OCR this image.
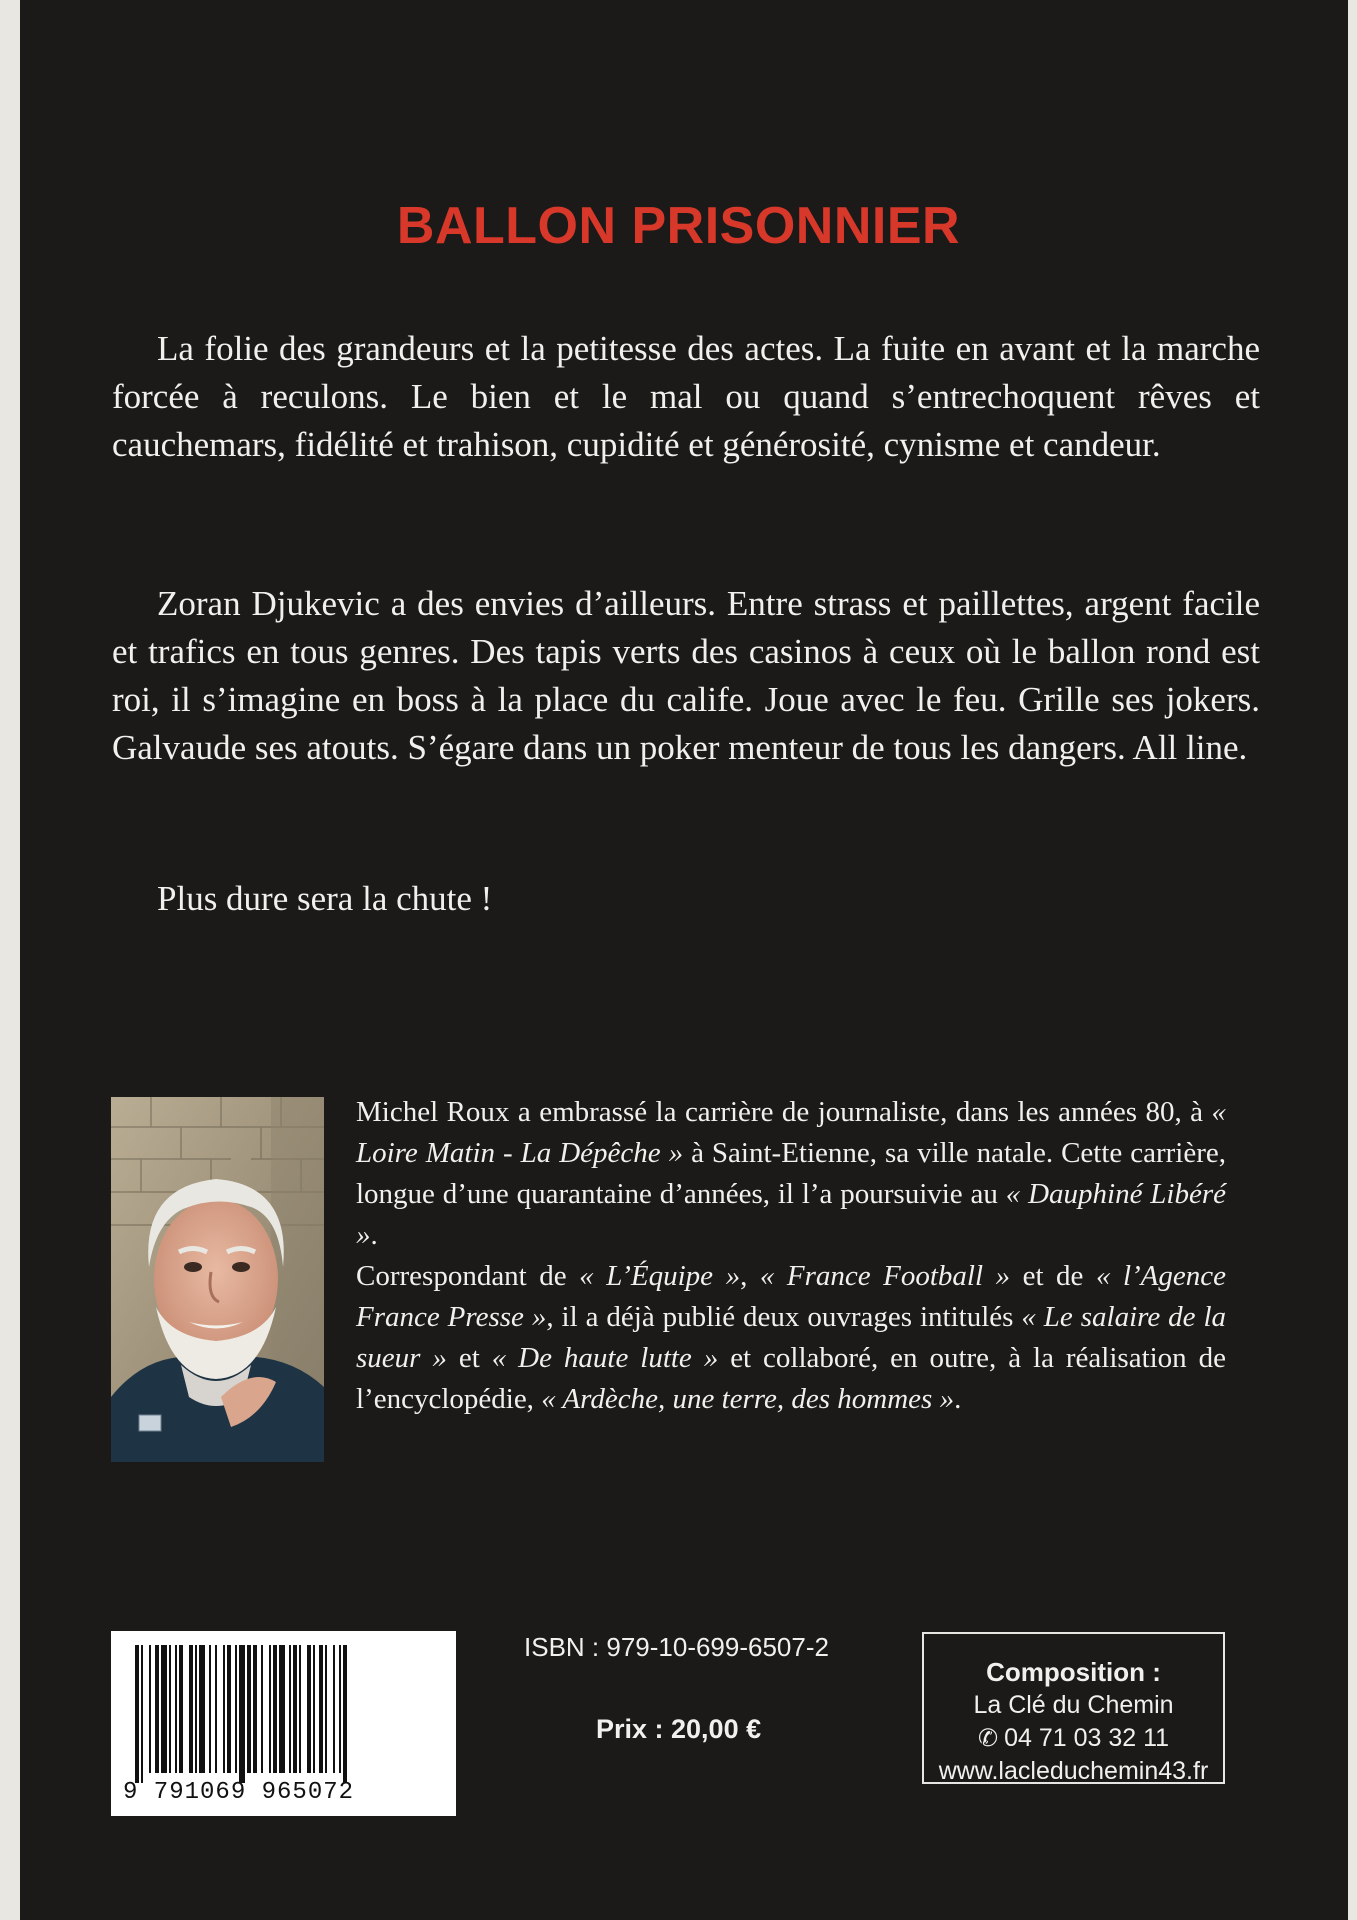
BALLON PRISONNIER

La folie des grandeurs et la petitesse des actes. La fuite en avant et la marche forcée à reculons. Le bien et le mal ou quand s’entrechoquent rêves et cauchemars, fidélité et trahison, cupidité et générosité, cynisme et candeur.

Zoran Djukevic a des envies d’ailleurs. Entre strass et paillettes, argent facile et trafics en tous genres. Des tapis verts des casinos à ceux où le ballon rond est roi, il s’imagine en boss à la place du calife. Joue avec le feu. Grille ses jokers. Galvaude ses atouts. S’égare dans un poker menteur de tous les dangers. All line.

Plus dure sera la chute !

Michel Roux a embrassé la carrière de journaliste, dans les années 80, à « Loire Matin - La Dépêche » à Saint-Etienne, sa ville natale. Cette carrière, longue d’une quarantaine d’années, il l’a poursuivie au « Dauphiné Libéré ».

Correspondant de « L’Équipe », « France Football » et de « l’Agence France Presse », il a déjà publié deux ouvrages intitulés « Le salaire de la sueur » et « De haute lutte » et collaboré, en outre, à la réalisation de l’encyclopédie, « Ardèche, une terre, des hommes ».

9 791069 965072
ISBN : 979-10-699-6507-2
Prix : 20,00 €
Composition :
La Clé du Chemin
✆ 04 71 03 32 11
www.lacleduchemin43.fr
